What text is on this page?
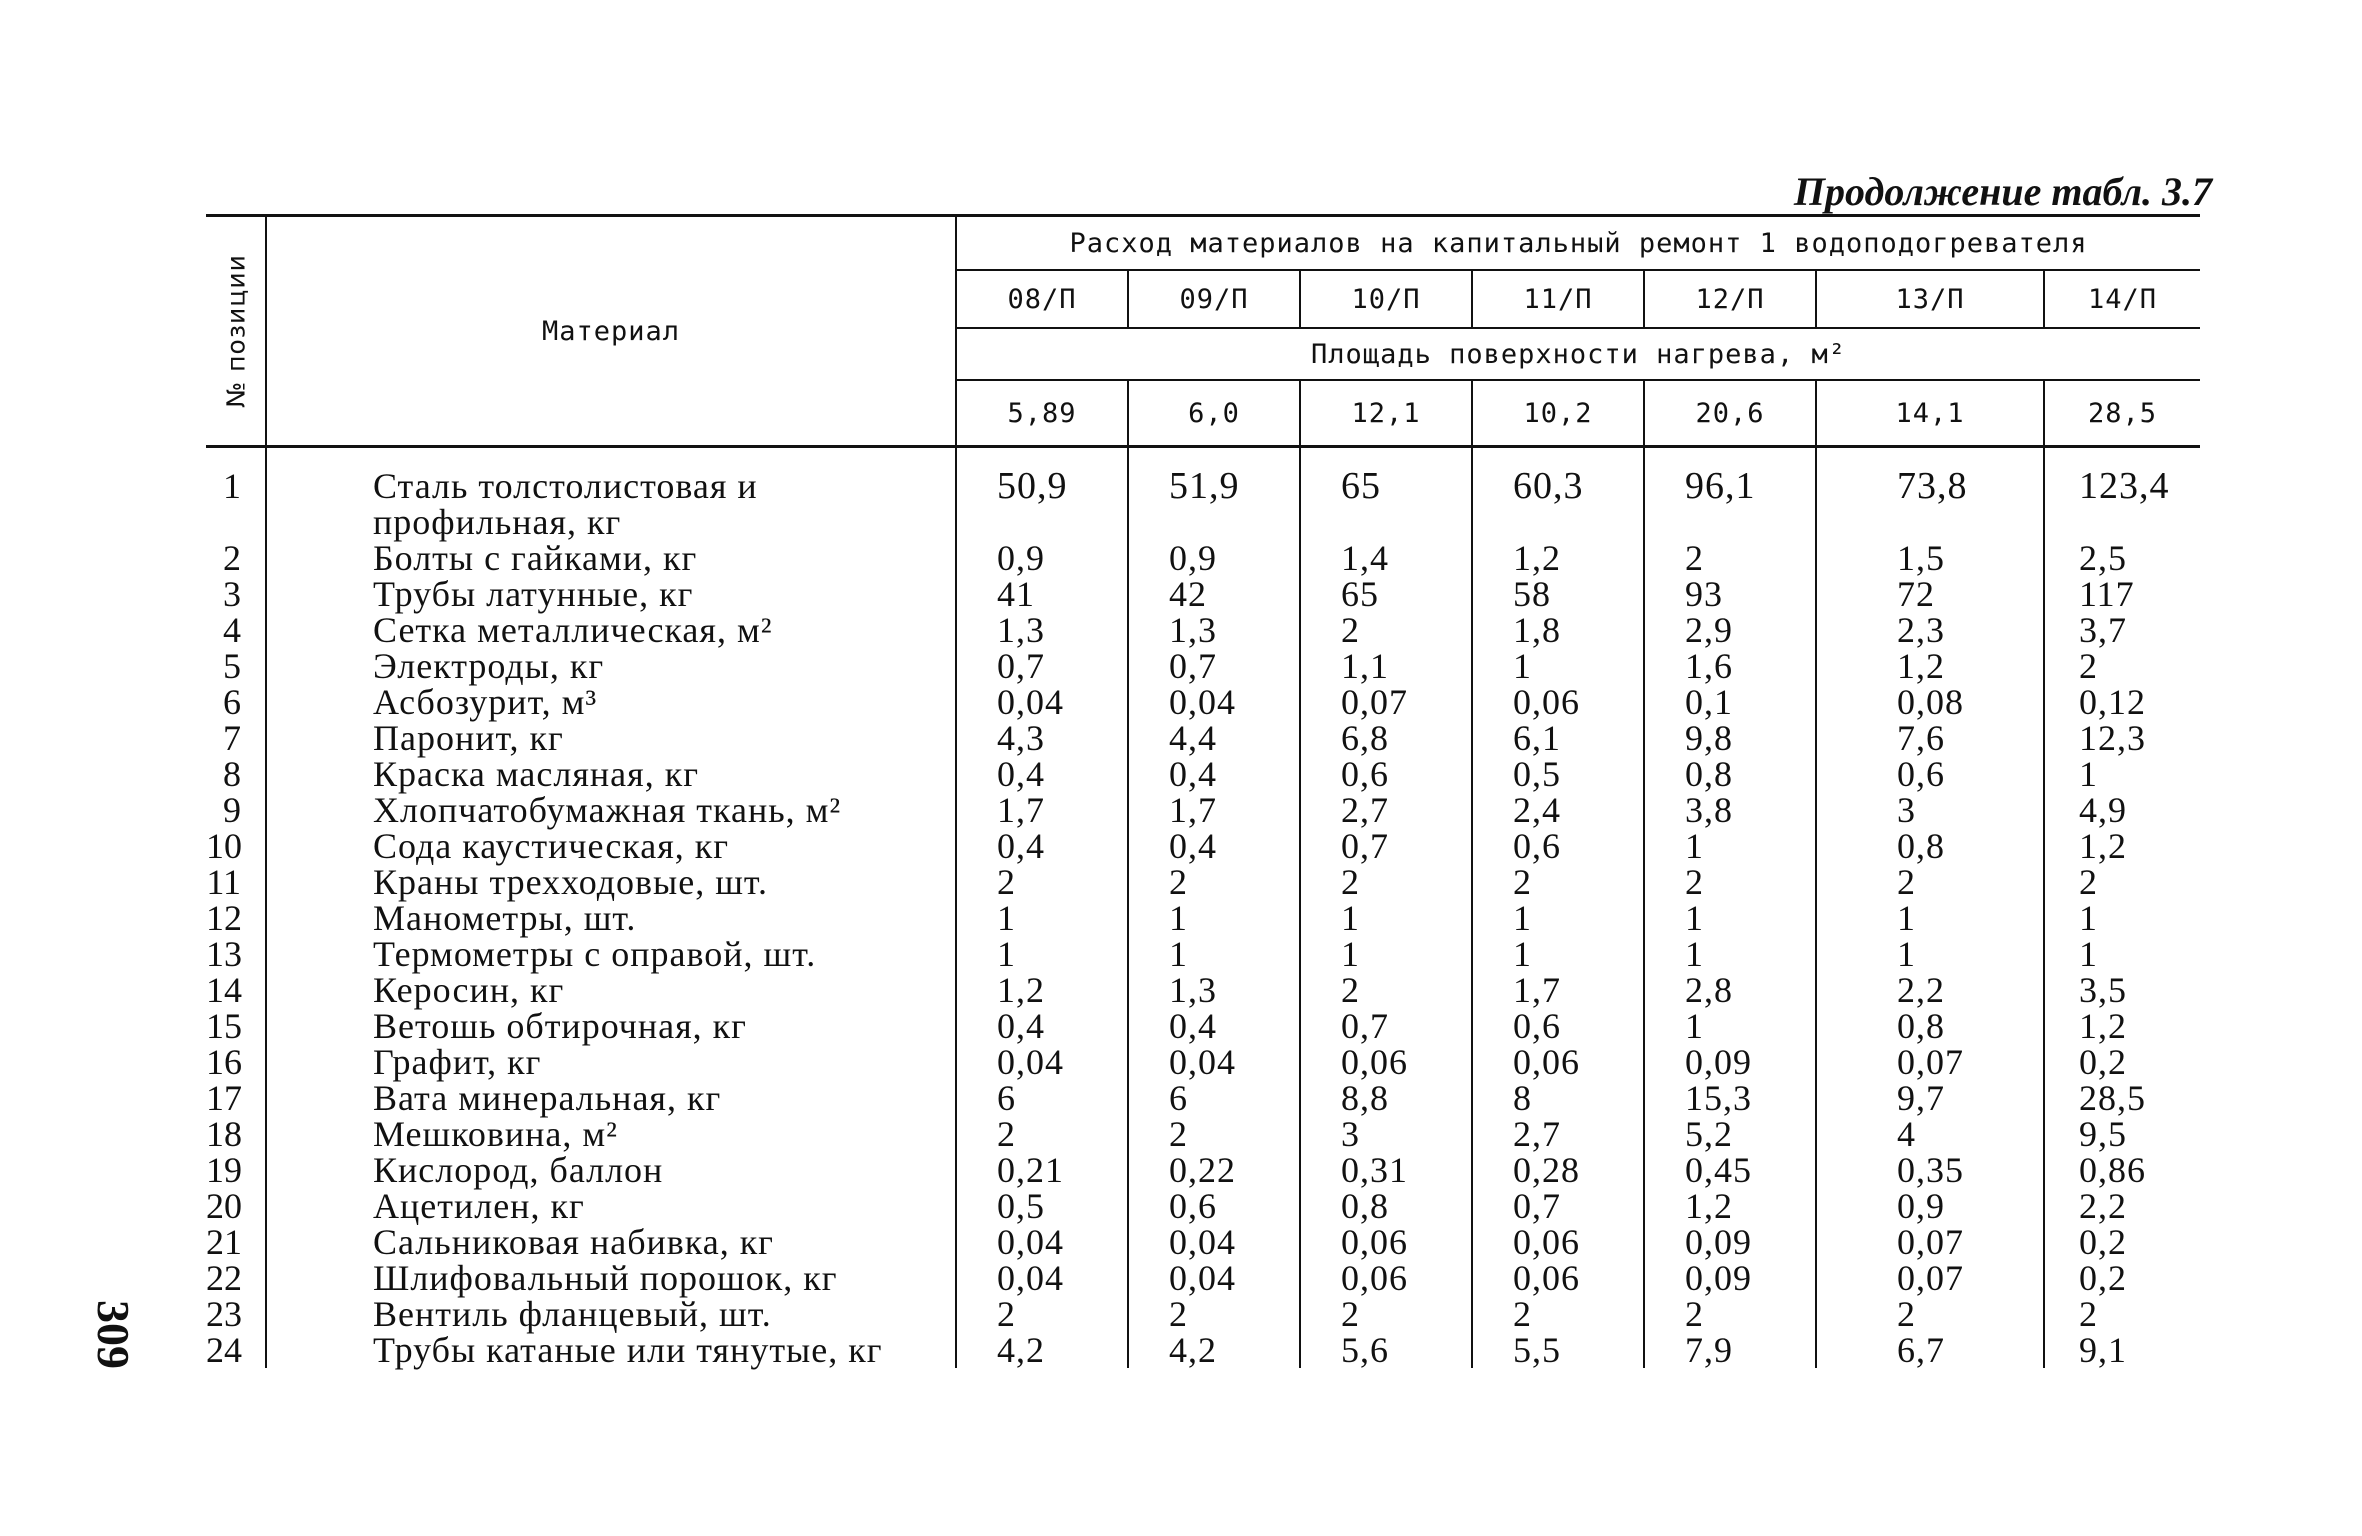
Продолжение табл. 3.7
№ позиции	Материал	Расход материалов на капитальный ремонт 1 водоподогревателя						
		08/П	09/П	10/П	11/П	12/П	13/П	14/П
		Площадь поверхности нагрева, м²						
		5,89	6,0	12,1	10,2	20,6	14,1	28,5
1	Сталь толстолистовая и профильная, кг	50,9	51,9	65	60,3	96,1	73,8	123,4
2	Болты с гайками, кг	0,9	0,9	1,4	1,2	2	1,5	2,5
3	Трубы латунные, кг	41	42	65	58	93	72	117
4	Сетка металлическая, м²	1,3	1,3	2	1,8	2,9	2,3	3,7
5	Электроды, кг	0,7	0,7	1,1	1	1,6	1,2	2
6	Асбозурит, м³	0,04	0,04	0,07	0,06	0,1	0,08	0,12
7	Паронит, кг	4,3	4,4	6,8	6,1	9,8	7,6	12,3
8	Краска масляная, кг	0,4	0,4	0,6	0,5	0,8	0,6	1
9	Хлопчатобумажная ткань, м²	1,7	1,7	2,7	2,4	3,8	3	4,9
10	Сода каустическая, кг	0,4	0,4	0,7	0,6	1	0,8	1,2
11	Краны трехходовые, шт.	2	2	2	2	2	2	2
12	Манометры, шт.	1	1	1	1	1	1	1
13	Термометры с оправой, шт.	1	1	1	1	1	1	1
14	Керосин, кг	1,2	1,3	2	1,7	2,8	2,2	3,5
15	Ветошь обтирочная, кг	0,4	0,4	0,7	0,6	1	0,8	1,2
16	Графит, кг	0,04	0,04	0,06	0,06	0,09	0,07	0,2
17	Вата минеральная, кг	6	6	8,8	8	15,3	9,7	28,5
18	Мешковина, м²	2	2	3	2,7	5,2	4	9,5
19	Кислород, баллон	0,21	0,22	0,31	0,28	0,45	0,35	0,86
20	Ацетилен, кг	0,5	0,6	0,8	0,7	1,2	0,9	2,2
21	Сальниковая набивка, кг	0,04	0,04	0,06	0,06	0,09	0,07	0,2
22	Шлифовальный порошок, кг	0,04	0,04	0,06	0,06	0,09	0,07	0,2
23	Вентиль фланцевый, шт.	2	2	2	2	2	2	2
24	Трубы катаные или тянутые, кг	4,2	4,2	5,6	5,5	7,9	6,7	9,1
309
